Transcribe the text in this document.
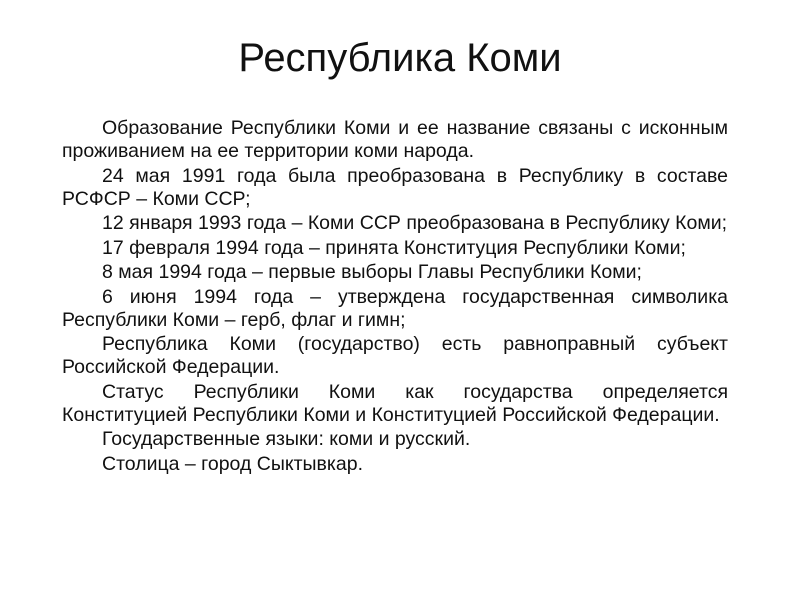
Республика Коми

Образование Республики Коми и ее название связаны с исконным проживанием на ее территории коми народа.

24 мая 1991 года была преобразована в Республику в составе РСФСР – Коми ССР;

12 января 1993 года – Коми ССР преобразована в Республику Коми;

17 февраля 1994 года – принята Конституция Республики Коми;

8 мая 1994 года – первые выборы Главы Республики Коми;

6 июня 1994 года – утверждена государственная символика Республики Коми – герб, флаг и гимн;

Республика Коми (государство) есть равноправный субъект Российской Федерации.

Статус Республики Коми как государства определяется Конституцией Республики Коми и Конституцией Российской Федерации.

Государственные языки: коми и русский.

Столица – город Сыктывкар.
